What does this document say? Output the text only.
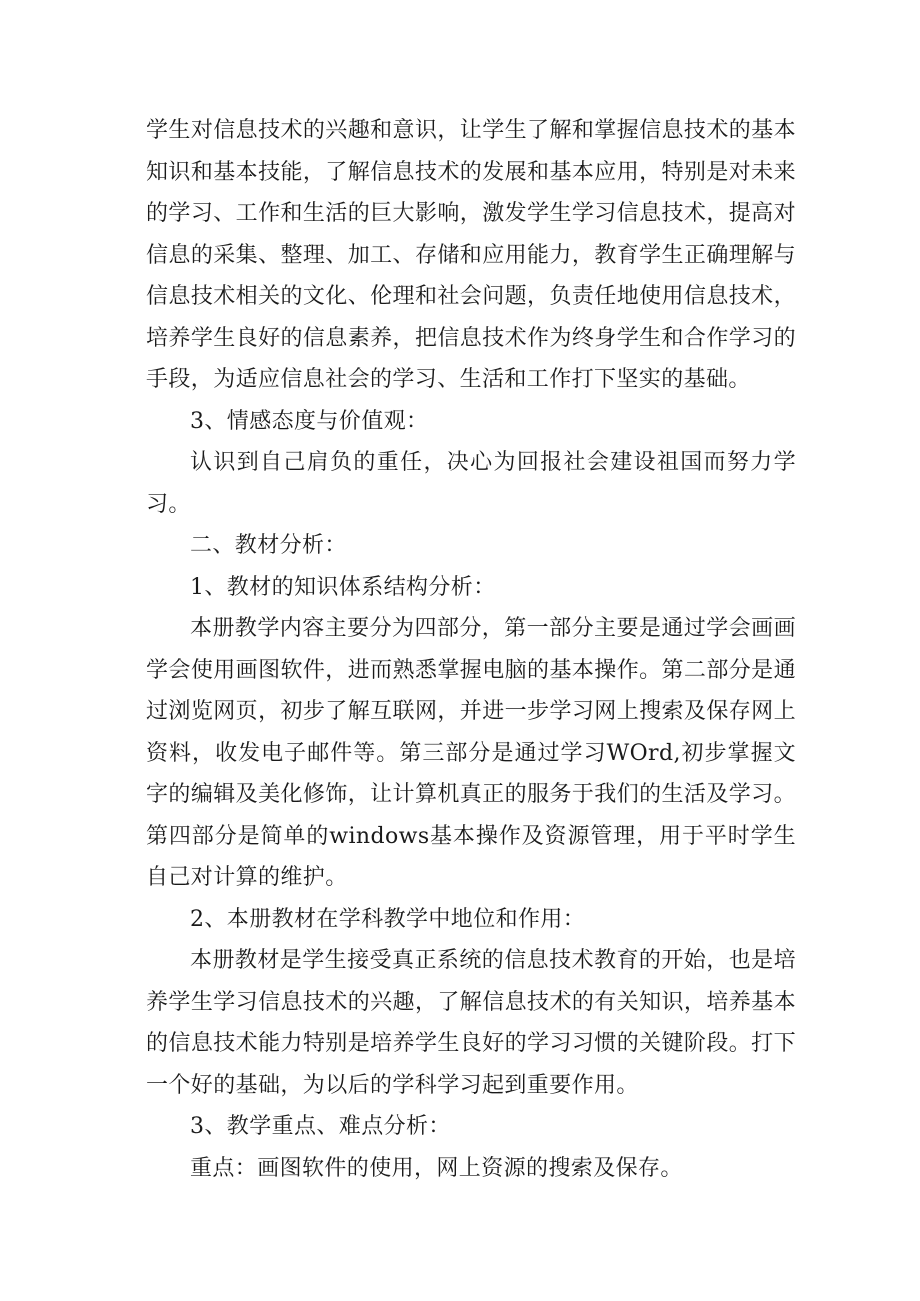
学生对信息技术的兴趣和意识，让学生了解和掌握信息技术的基本知识和基本技能，了解信息技术的发展和基本应用，特别是对未来的学习、工作和生活的巨大影响，激发学生学习信息技术，提高对信息的采集、整理、加工、存储和应用能力，教育学生正确理解与信息技术相关的文化、伦理和社会问题，负责任地使用信息技术，培养学生良好的信息素养，把信息技术作为终身学生和合作学习的手段，为适应信息社会的学习、生活和工作打下坚实的基础。

3、情感态度与价值观：

认识到自己肩负的重任，决心为回报社会建设祖国而努力学习。

二、教材分析：

1、教材的知识体系结构分析：

本册教学内容主要分为四部分，第一部分主要是通过学会画画学会使用画图软件，进而熟悉掌握电脑的基本操作。第二部分是通过浏览网页，初步了解互联网，并进一步学习网上搜索及保存网上资料，收发电子邮件等。第三部分是通过学习WOrd,初步掌握文字的编辑及美化修饰，让计算机真正的服务于我们的生活及学习。第四部分是简单的windows基本操作及资源管理，用于平时学生自己对计算的维护。

2、本册教材在学科教学中地位和作用：

本册教材是学生接受真正系统的信息技术教育的开始，也是培养学生学习信息技术的兴趣，了解信息技术的有关知识，培养基本的信息技术能力特别是培养学生良好的学习习惯的关键阶段。打下一个好的基础，为以后的学科学习起到重要作用。

3、教学重点、难点分析：

重点：画图软件的使用，网上资源的搜索及保存。
